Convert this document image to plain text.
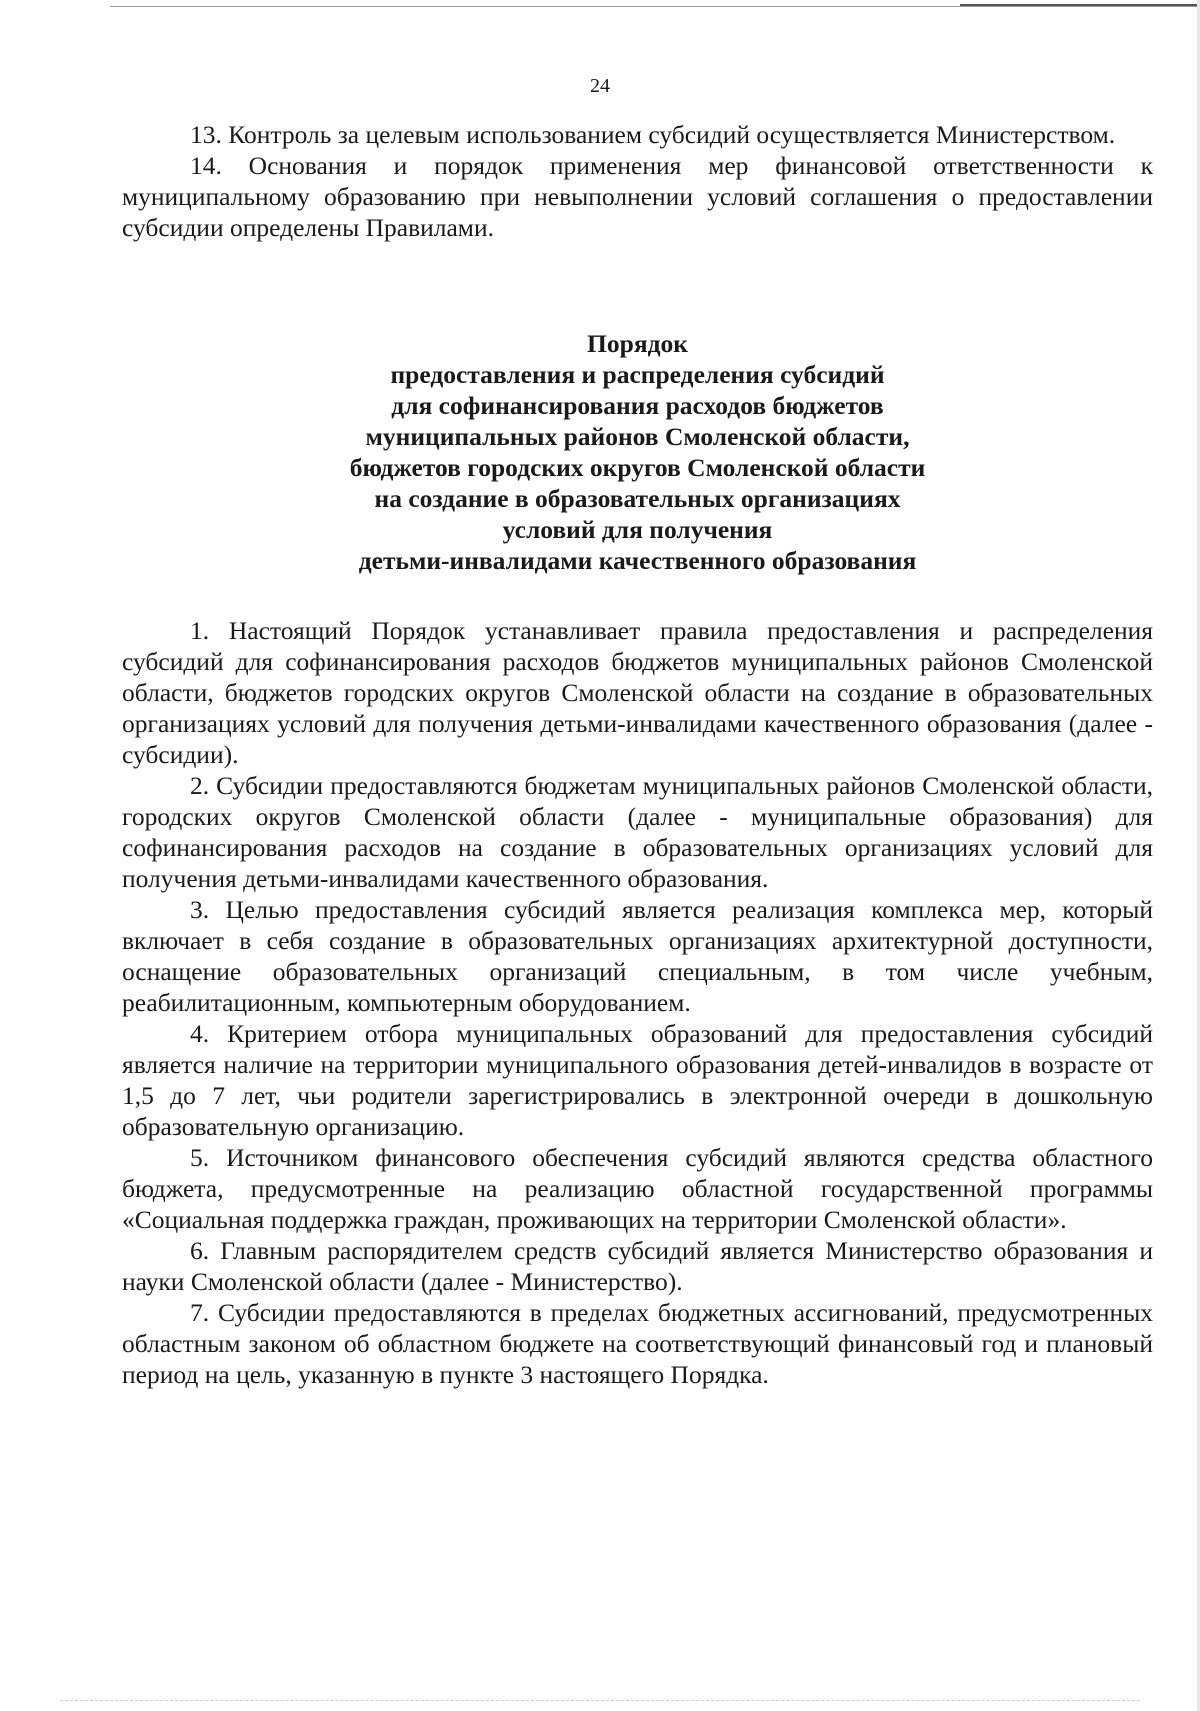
24

13. Контроль за целевым использованием субсидий осуществляется Министерством.

14. Основания и порядок применения мер финансовой ответственности к муниципальному образованию при невыполнении условий соглашения о предоставлении субсидии определены Правилами.

Порядок
предоставления и распределения субсидий
для софинансирования расходов бюджетов
муниципальных районов Смоленской области,
бюджетов городских округов Смоленской области
на создание в образовательных организациях
условий для получения
детьми-инвалидами качественного образования

1. Настоящий Порядок устанавливает правила предоставления и распределения субсидий для софинансирования расходов бюджетов муниципальных районов Смоленской области, бюджетов городских округов Смоленской области на создание в образовательных организациях условий для получения детьми-инвалидами качественного образования (далее - субсидии).

2. Субсидии предоставляются бюджетам муниципальных районов Смоленской области, городских округов Смоленской области (далее - муниципальные образования) для софинансирования расходов на создание в образовательных организациях условий для получения детьми-инвалидами качественного образования.

3. Целью предоставления субсидий является реализация комплекса мер, который включает в себя создание в образовательных организациях архитектурной доступности, оснащение образовательных организаций специальным, в том числе учебным, реабилитационным, компьютерным оборудованием.

4. Критерием отбора муниципальных образований для предоставления субсидий является наличие на территории муниципального образования детей-инвалидов в возрасте от 1,5 до 7 лет, чьи родители зарегистрировались в электронной очереди в дошкольную образовательную организацию.

5. Источником финансового обеспечения субсидий являются средства областного бюджета, предусмотренные на реализацию областной государственной программы «Социальная поддержка граждан, проживающих на территории Смоленской области».

6. Главным распорядителем средств субсидий является Министерство образования и науки Смоленской области (далее - Министерство).

7. Субсидии предоставляются в пределах бюджетных ассигнований, предусмотренных областным законом об областном бюджете на соответствующий финансовый год и плановый период на цель, указанную в пункте 3 настоящего Порядка.
